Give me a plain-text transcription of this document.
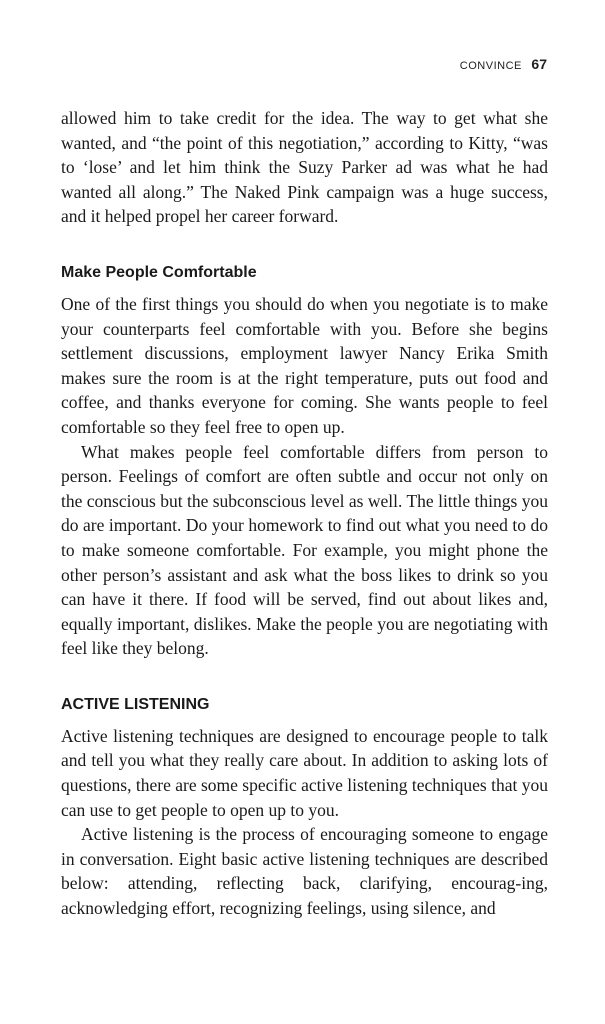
CONVINCE 67

allowed him to take credit for the idea. The way to get what she wanted, and “the point of this negotiation,” according to Kitty, “was to ‘lose’ and let him think the Suzy Parker ad was what he had wanted all along.” The Naked Pink campaign was a huge success, and it helped propel her career forward.

Make People Comfortable

One of the first things you should do when you negotiate is to make your counterparts feel comfortable with you. Before she begins settlement discussions, employment lawyer Nancy Erika Smith makes sure the room is at the right temperature, puts out food and coffee, and thanks everyone for coming. She wants people to feel comfortable so they feel free to open up.

What makes people feel comfortable differs from person to person. Feelings of comfort are often subtle and occur not only on the conscious but the subconscious level as well. The little things you do are important. Do your homework to find out what you need to do to make someone comfortable. For example, you might phone the other person’s assistant and ask what the boss likes to drink so you can have it there. If food will be served, find out about likes and, equally important, dislikes. Make the people you are negotiating with feel like they belong.

ACTIVE LISTENING

Active listening techniques are designed to encourage people to talk and tell you what they really care about. In addition to asking lots of questions, there are some specific active listening techniques that you can use to get people to open up to you.

Active listening is the process of encouraging someone to engage in conversation. Eight basic active listening techniques are described below: attending, reflecting back, clarifying, encourag-ing, acknowledging effort, recognizing feelings, using silence, and
